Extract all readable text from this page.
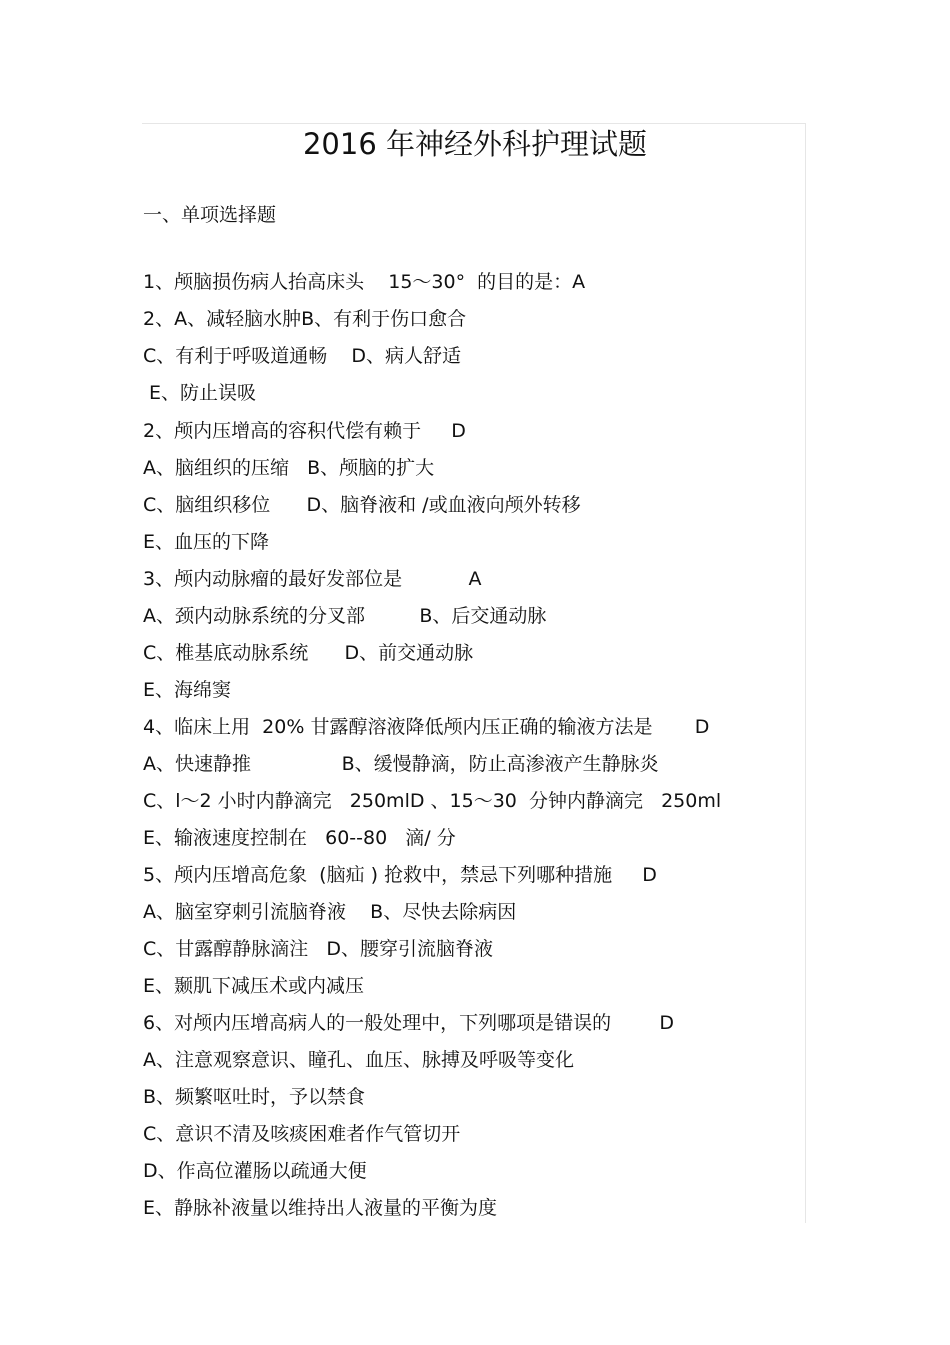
2016 年神经外科护理试题
一、单项选择题
1、颅脑损伤病人抬高床头    15～30°  的目的是：A
2、A、减轻脑水肿B、有利于伤口愈合
C、有利于呼吸道通畅    D、病人舒适
E、防止误吸
2、颅内压增高的容积代偿有赖于     D
A、脑组织的压缩   B、颅脑的扩大
C、脑组织移位      D、脑脊液和 /或血液向颅外转移
E、血压的下降
3、颅内动脉瘤的最好发部位是           A
A、颈内动脉系统的分叉部         B、后交通动脉
C、椎基底动脉系统      D、前交通动脉
E、海绵窦
4、临床上用  20% 甘露醇溶液降低颅内压正确的输液方法是       D
A、快速静推               B、缓慢静滴，防止高渗液产生静脉炎
C、l～2 小时内静滴完   250mlD 、15～30  分钟内静滴完   250ml
E、输液速度控制在   60--80   滴/ 分
5、颅内压增高危象  (脑疝 ) 抢救中，禁忌下列哪种措施     D
A、脑室穿刺引流脑脊液    B、尽快去除病因
C、甘露醇静脉滴注   D、腰穿引流脑脊液
E、颞肌下减压术或内减压
6、对颅内压增高病人的一般处理中，下列哪项是错误的        D
A、注意观察意识、瞳孔、血压、脉搏及呼吸等变化
B、频繁呕吐时，予以禁食
C、意识不清及咳痰困难者作气管切开
D、作高位灌肠以疏通大便
E、静脉补液量以维持出人液量的平衡为度
